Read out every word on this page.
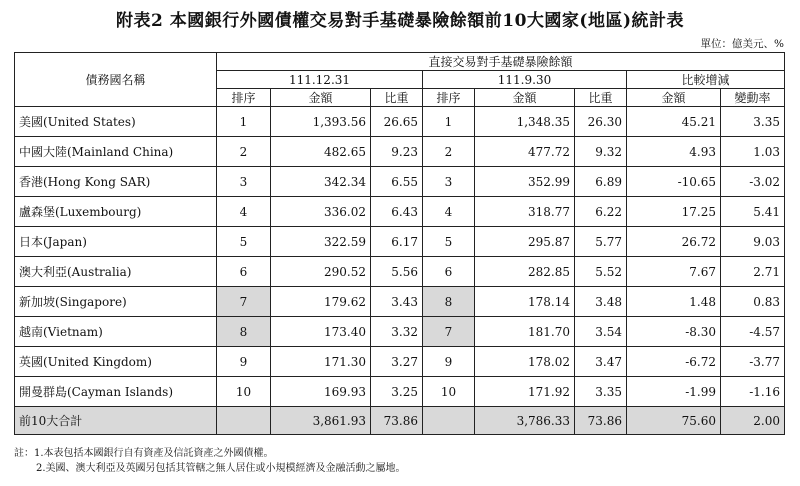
附表2 本國銀行外國債權交易對手基礎暴險餘額前10大國家(地區)統計表
單位：億美元、%
債務國名稱	直接交易對手基礎暴險餘額							
	111.12.31			111.9.30			比較增減	
	排序	金額	比重	排序	金額	比重	金額	變動率
美國(United States)	1	1,393.56	26.65	1	1,348.35	26.30	45.21	3.35
中國大陸(Mainland China)	2	482.65	9.23	2	477.72	9.32	4.93	1.03
香港(Hong Kong SAR)	3	342.34	6.55	3	352.99	6.89	-10.65	-3.02
盧森堡(Luxembourg)	4	336.02	6.43	4	318.77	6.22	17.25	5.41
日本(Japan)	5	322.59	6.17	5	295.87	5.77	26.72	9.03
澳大利亞(Australia)	6	290.52	5.56	6	282.85	5.52	7.67	2.71
新加坡(Singapore)	7	179.62	3.43	8	178.14	3.48	1.48	0.83
越南(Vietnam)	8	173.40	3.32	7	181.70	3.54	-8.30	-4.57
英國(United Kingdom)	9	171.30	3.27	9	178.02	3.47	-6.72	-3.77
開曼群島(Cayman Islands)	10	169.93	3.25	10	171.92	3.35	-1.99	-1.16
前10大合計		3,861.93	73.86		3,786.33	73.86	75.60	2.00
註：1.本表包括本國銀行自有資產及信託資產之外國債權。
2.美國、澳大利亞及英國另包括其管轄之無人居住或小規模經濟及金融活動之屬地。
